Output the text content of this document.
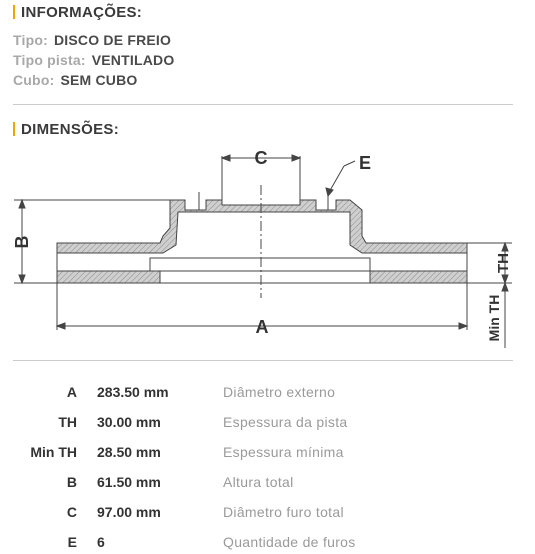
INFORMAÇÕES:
Tipo: DISCO DE FREIO
Tipo pista: VENTILADO
Cubo: SEM CUBO
DIMENSÕES:
C	E
B
TH
Min TH
A
A 283.50 mm	Diâmetro externo
TH 30.00 mm	Espessura da pista
Min TH 28.50 mm	Espessura mínima
B 61.50 mm	Altura total
C 97.00 mm	Diâmetro furo total
E 6	Quantidade de furos
